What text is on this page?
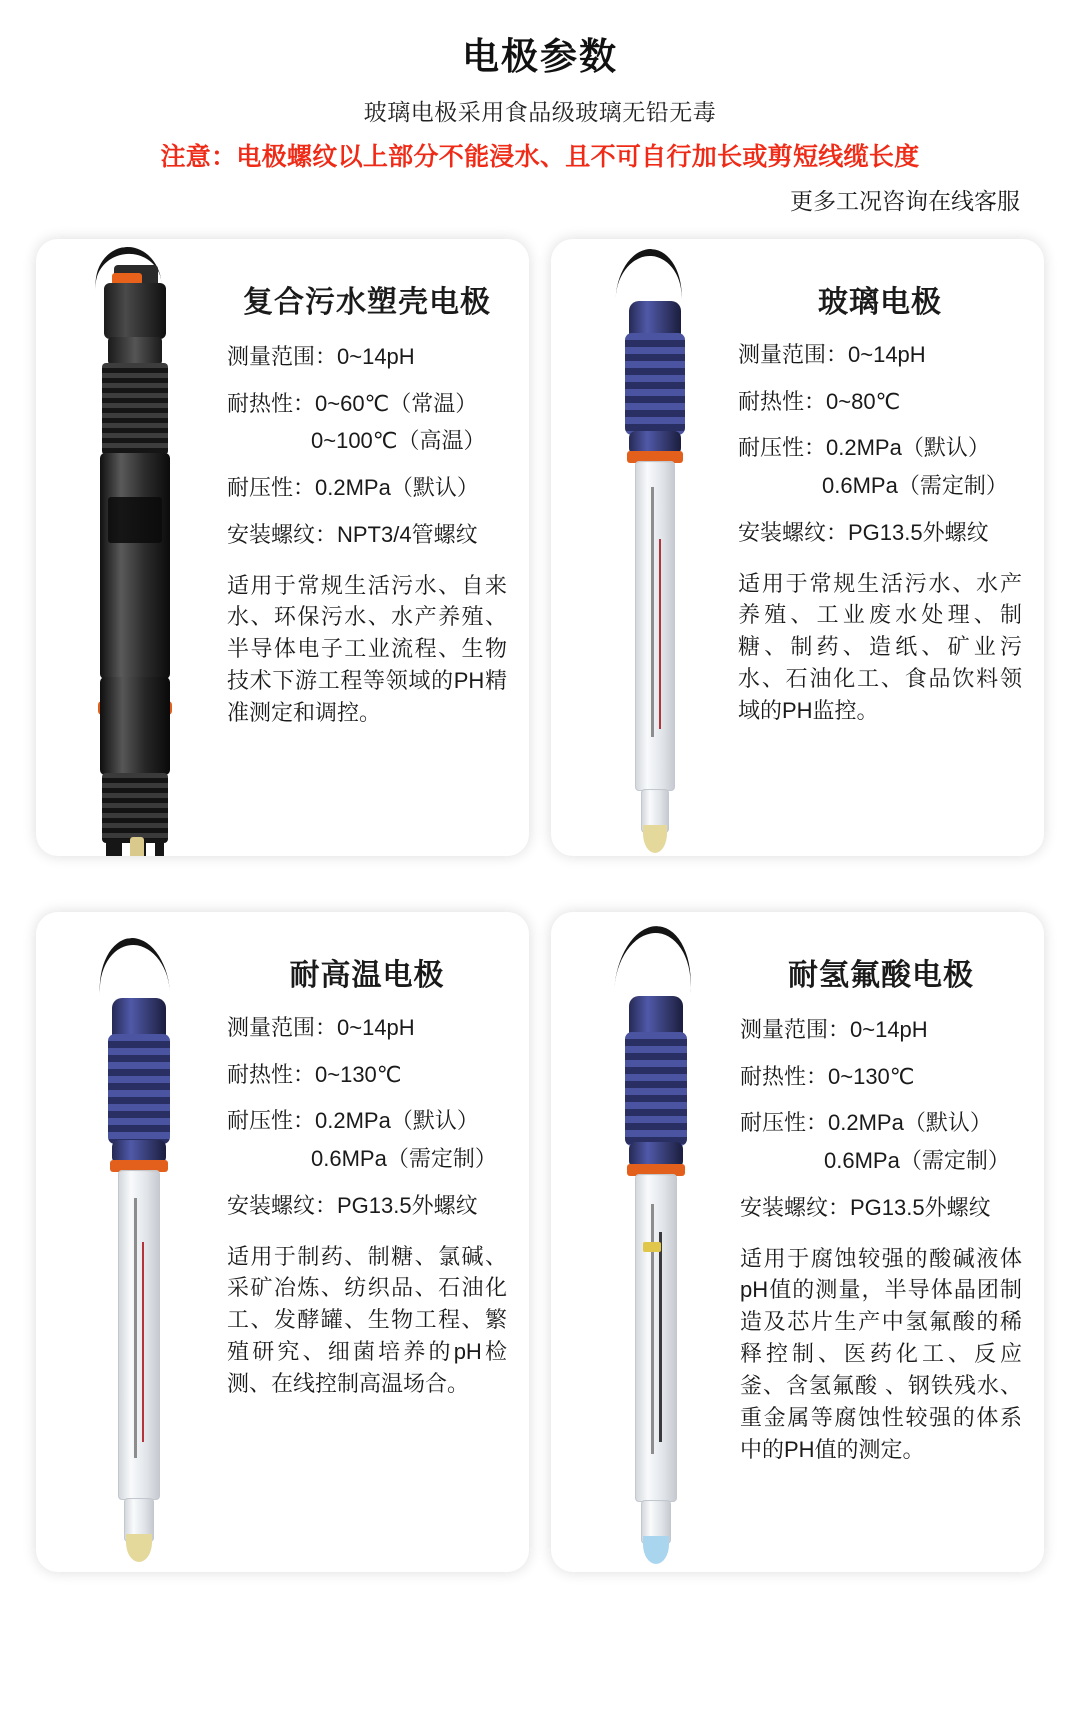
电极参数

玻璃电极采用食品级玻璃无铅无毒

注意：电极螺纹以上部分不能浸水、且不可自行加长或剪短线缆长度

更多工况咨询在线客服

复合污水塑壳电极
测量范围：0~14pH
耐热性：0~60℃（常温）
0~100℃（高温）
耐压性：0.2MPa（默认）
安装螺纹：NPT3/4管螺纹
适用于常规生活污水、自来水、环保污水、水产养殖、半导体电子工业流程、生物技术下游工程等领域的PH精准测定和调控。
玻璃电极
测量范围：0~14pH
耐热性：0~80℃
耐压性：0.2MPa（默认）
0.6MPa（需定制）
安装螺纹：PG13.5外螺纹
适用于常规生活污水、水产养殖、工业废水处理、制糖、制药、造纸、矿业污水、石油化工、食品饮料领域的PH监控。
耐高温电极
测量范围：0~14pH
耐热性：0~130℃
耐压性：0.2MPa（默认）
0.6MPa（需定制）
安装螺纹：PG13.5外螺纹
适用于制药、制糖、氯碱、采矿冶炼、纺织品、石油化工、发酵罐、生物工程、繁殖研究、细菌培养的pH检测、在线控制高温场合。
耐氢氟酸电极
测量范围：0~14pH
耐热性：0~130℃
耐压性：0.2MPa（默认）
0.6MPa（需定制）
安装螺纹：PG13.5外螺纹
适用于腐蚀较强的酸碱液体pH值的测量，半导体晶团制造及芯片生产中氢氟酸的稀释控制、医药化工、反应釜、含氢氟酸 、钢铁残水、重金属等腐蚀性较强的体系中的PH值的测定。
